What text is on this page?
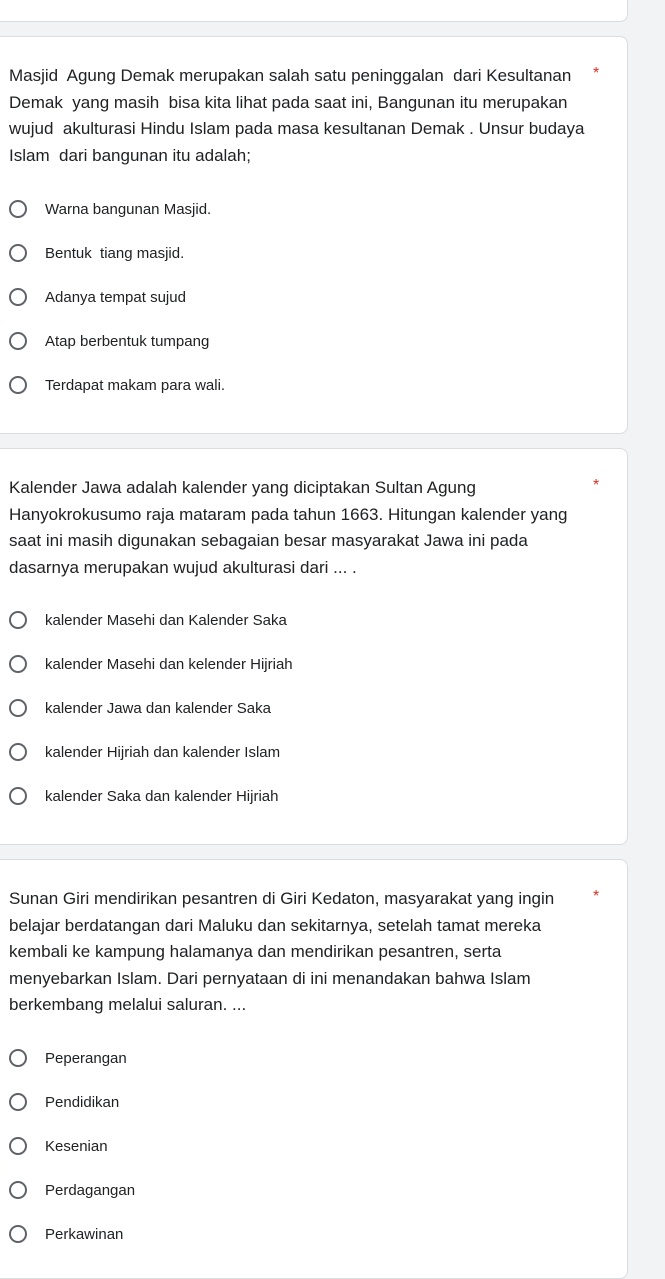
Masjid  Agung Demak merupakan salah satu peninggalan  dari Kesultanan Demak  yang masih  bisa kita lihat pada saat ini, Bangunan itu merupakan wujud  akulturasi Hindu Islam pada masa kesultanan Demak . Unsur budaya Islam  dari bangunan itu adalah;
*
Warna bangunan Masjid.
Bentuk  tiang masjid.
Adanya tempat sujud
Atap berbentuk tumpang
Terdapat makam para wali.
Kalender Jawa adalah kalender yang diciptakan Sultan Agung Hanyokrokusumo raja mataram pada tahun 1663. Hitungan kalender yang saat ini masih digunakan sebagaian besar masyarakat Jawa ini pada dasarnya merupakan wujud akulturasi dari ... .
*
kalender Masehi dan Kalender Saka
kalender Masehi dan kelender Hijriah
kalender Jawa dan kalender Saka
kalender Hijriah dan kalender Islam
kalender Saka dan kalender Hijriah
Sunan Giri mendirikan pesantren di Giri Kedaton, masyarakat yang ingin belajar berdatangan dari Maluku dan sekitarnya, setelah tamat mereka kembali ke kampung halamanya dan mendirikan pesantren, serta menyebarkan Islam. Dari pernyataan di ini menandakan bahwa Islam berkembang melalui saluran. ...
*
Peperangan
Pendidikan
Kesenian
Perdagangan
Perkawinan
